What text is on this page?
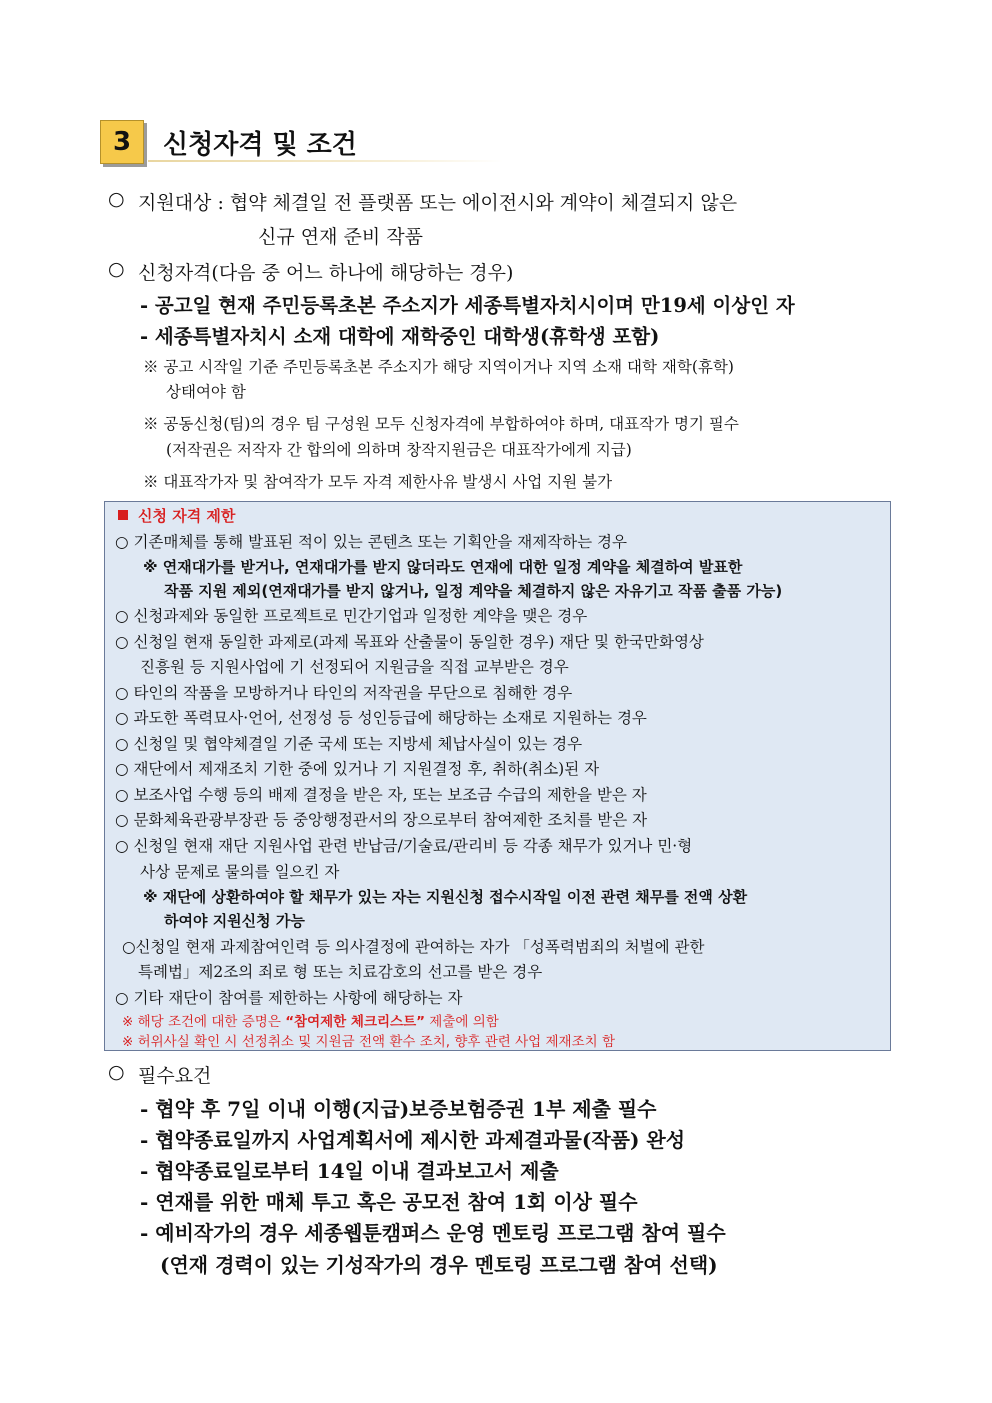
3	신청자격 및 조건
○ 지원대상 : 협약 체결일 전 플랫폼 또는 에이전시와 계약이 체결되지 않은
신규 연재 준비 작품
○ 신청자격(다음 중 어느 하나에 해당하는 경우)
- 공고일 현재 주민등록초본 주소지가 세종특별자치시이며 만19세 이상인 자
- 세종특별자치시 소재 대학에 재학중인 대학생(휴학생 포함)
※ 공고 시작일 기준 주민등록초본 주소지가 해당 지역이거나 지역 소재 대학 재학(휴학)
상태여야 함
※ 공동신청(팀)의 경우 팀 구성원 모두 신청자격에 부합하여야 하며, 대표작가 명기 필수
(저작권은 저작자 간 합의에 의하며 창작지원금은 대표작가에게 지급)
※ 대표작가자 및 참여작가 모두 자격 제한사유 발생시 사업 지원 불가
신청 자격 제한
○ 기존매체를 통해 발표된 적이 있는 콘텐츠 또는 기획안을 재제작하는 경우
※ 연재대가를 받거나, 연재대가를 받지 않더라도 연재에 대한 일정 계약을 체결하여 발표한
작품 지원 제외(연재대가를 받지 않거나, 일정 계약을 체결하지 않은 자유기고 작품 출품 가능)
○ 신청과제와 동일한 프로젝트로 민간기업과 일정한 계약을 맺은 경우
○ 신청일 현재 동일한 과제로(과제 목표와 산출물이 동일한 경우) 재단 및 한국만화영상
진흥원 등 지원사업에 기 선정되어 지원금을 직접 교부받은 경우
○ 타인의 작품을 모방하거나 타인의 저작권을 무단으로 침해한 경우
○ 과도한 폭력묘사·언어, 선정성 등 성인등급에 해당하는 소재로 지원하는 경우
○ 신청일 및 협약체결일 기준 국세 또는 지방세 체납사실이 있는 경우
○ 재단에서 제재조치 기한 중에 있거나 기 지원결정 후, 취하(취소)된 자
○ 보조사업 수행 등의 배제 결정을 받은 자, 또는 보조금 수급의 제한을 받은 자
○ 문화체육관광부장관 등 중앙행정관서의 장으로부터 참여제한 조치를 받은 자
○ 신청일 현재 재단 지원사업 관련 반납금/기술료/관리비 등 각종 채무가 있거나 민·형
사상 문제로 물의를 일으킨 자
※ 재단에 상환하여야 할 채무가 있는 자는 지원신청 접수시작일 이전 관련 채무를 전액 상환
하여야 지원신청 가능
○신청일 현재 과제참여인력 등 의사결정에 관여하는 자가 「성폭력범죄의 처벌에 관한
특례법」제2조의 죄로 형 또는 치료감호의 선고를 받은 경우
○ 기타 재단이 참여를 제한하는 사항에 해당하는 자
※ 해당 조건에 대한 증명은 “참여제한 체크리스트” 제출에 의함
※ 허위사실 확인 시 선정취소 및 지원금 전액 환수 조치, 향후 관련 사업 제재조치 함
○ 필수요건
- 협약 후 7일 이내 이행(지급)보증보험증권 1부 제출 필수
- 협약종료일까지 사업계획서에 제시한 과제결과물(작품) 완성
- 협약종료일로부터 14일 이내 결과보고서 제출
- 연재를 위한 매체 투고 혹은 공모전 참여 1회 이상 필수
- 예비작가의 경우 세종웹툰캠퍼스 운영 멘토링 프로그램 참여 필수
(연재 경력이 있는 기성작가의 경우 멘토링 프로그램 참여 선택)
